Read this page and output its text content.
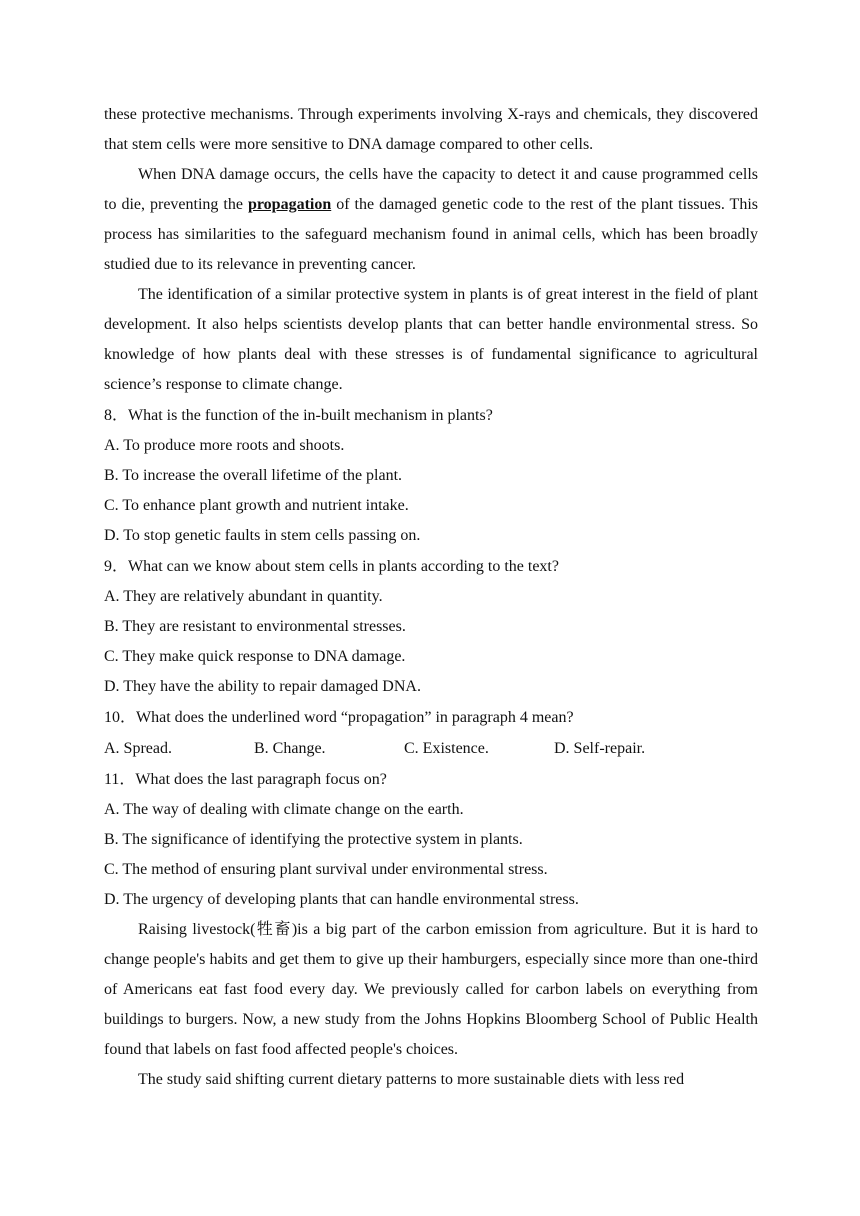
these protective mechanisms. Through experiments involving X-rays and chemicals, they discovered that stem cells were more sensitive to DNA damage compared to other cells.

When DNA damage occurs, the cells have the capacity to detect it and cause programmed cells to die, preventing the propagation of the damaged genetic code to the rest of the plant tissues. This process has similarities to the safeguard mechanism found in animal cells, which has been broadly studied due to its relevance in preventing cancer.

The identification of a similar protective system in plants is of great interest in the field of plant development. It also helps scientists develop plants that can better handle environmental stress. So knowledge of how plants deal with these stresses is of fundamental significance to agricultural science’s response to climate change.

8．What is the function of the in-built mechanism in plants?

A. To produce more roots and shoots.

B. To increase the overall lifetime of the plant.

C. To enhance plant growth and nutrient intake.

D. To stop genetic faults in stem cells passing on.

9．What can we know about stem cells in plants according to the text?

A. They are relatively abundant in quantity.

B. They are resistant to environmental stresses.

C. They make quick response to DNA damage.

D. They have the ability to repair damaged DNA.

10．What does the underlined word “propagation” in paragraph 4 mean?

A. Spread.	B. Change.	C. Existence.	D. Self-repair.

11．What does the last paragraph focus on?

A. The way of dealing with climate change on the earth.

B. The significance of identifying the protective system in plants.

C. The method of ensuring plant survival under environmental stress.

D. The urgency of developing plants that can handle environmental stress.

Raising livestock(牲畜)is a big part of the carbon emission from agriculture. But it is hard to change people's habits and get them to give up their hamburgers, especially since more than one-third of Americans eat fast food every day. We previously called for carbon labels on everything from buildings to burgers. Now, a new study from the Johns Hopkins Bloomberg School of Public Health found that labels on fast food affected people's choices.

The study said shifting current dietary patterns to more sustainable diets with less red
